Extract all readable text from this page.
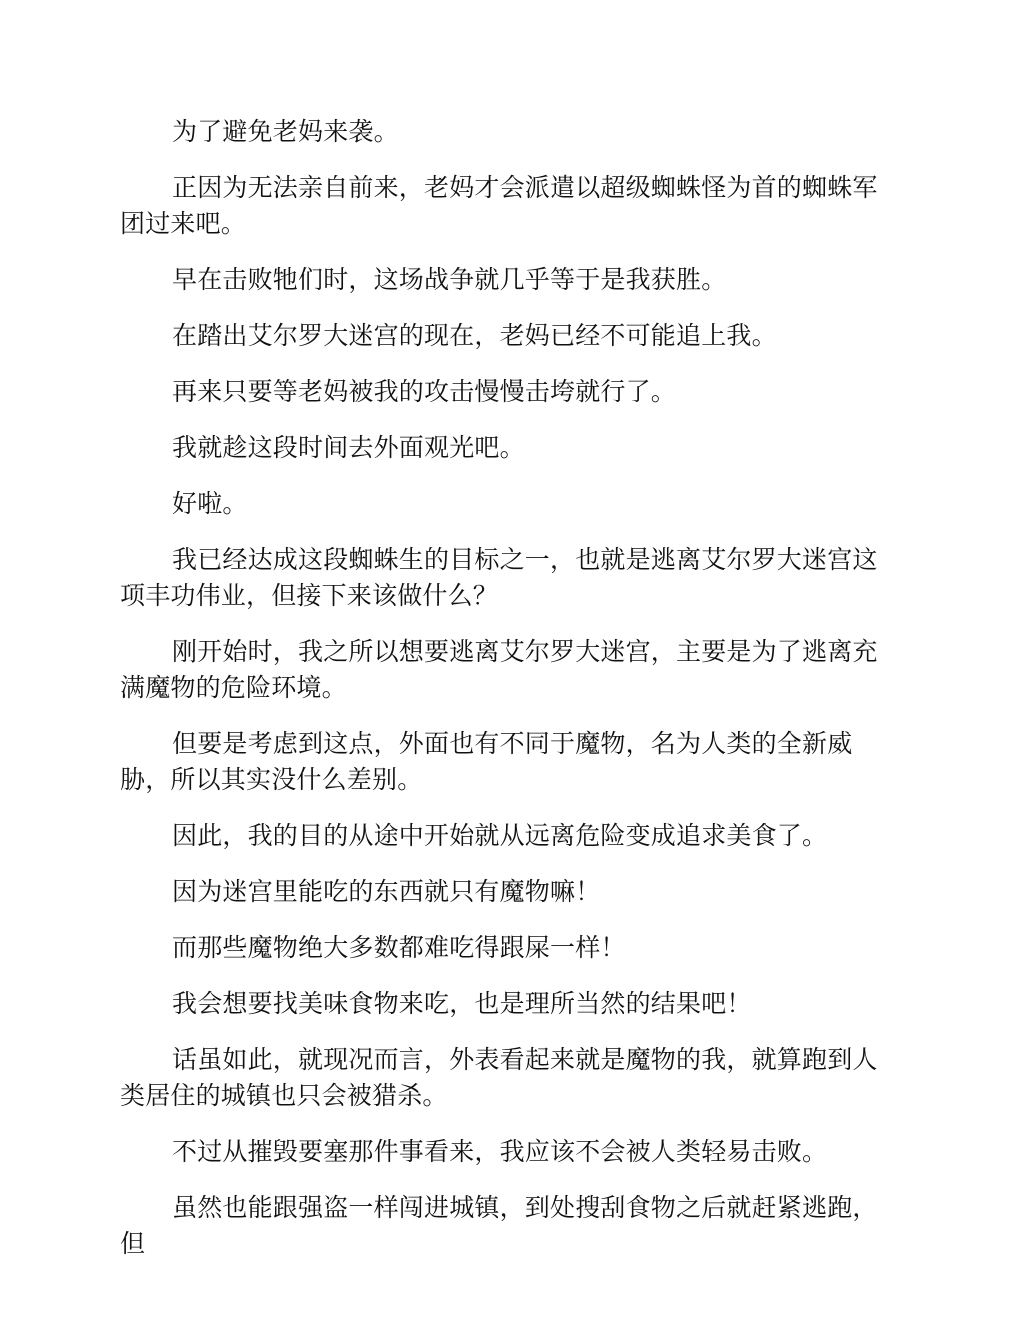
为了避免老妈来袭。

正因为无法亲自前来，老妈才会派遣以超级蜘蛛怪为首的蜘蛛军团过来吧。

早在击败牠们时，这场战争就几乎等于是我获胜。

在踏出艾尔罗大迷宫的现在，老妈已经不可能追上我。

再来只要等老妈被我的攻击慢慢击垮就行了。

我就趁这段时间去外面观光吧。

好啦。

我已经达成这段蜘蛛生的目标之一，也就是逃离艾尔罗大迷宫这项丰功伟业，但接下来该做什么？

刚开始时，我之所以想要逃离艾尔罗大迷宫，主要是为了逃离充满魔物的危险环境。

但要是考虑到这点，外面也有不同于魔物，名为人类的全新威胁，所以其实没什么差别。

因此，我的目的从途中开始就从远离危险变成追求美食了。

因为迷宫里能吃的东西就只有魔物嘛！

而那些魔物绝大多数都难吃得跟屎一样！

我会想要找美味食物来吃，也是理所当然的结果吧！

话虽如此，就现况而言，外表看起来就是魔物的我，就算跑到人类居住的城镇也只会被猎杀。

不过从摧毁要塞那件事看来，我应该不会被人类轻易击败。

虽然也能跟强盗一样闯进城镇，到处搜刮食物之后就赶紧逃跑，但
